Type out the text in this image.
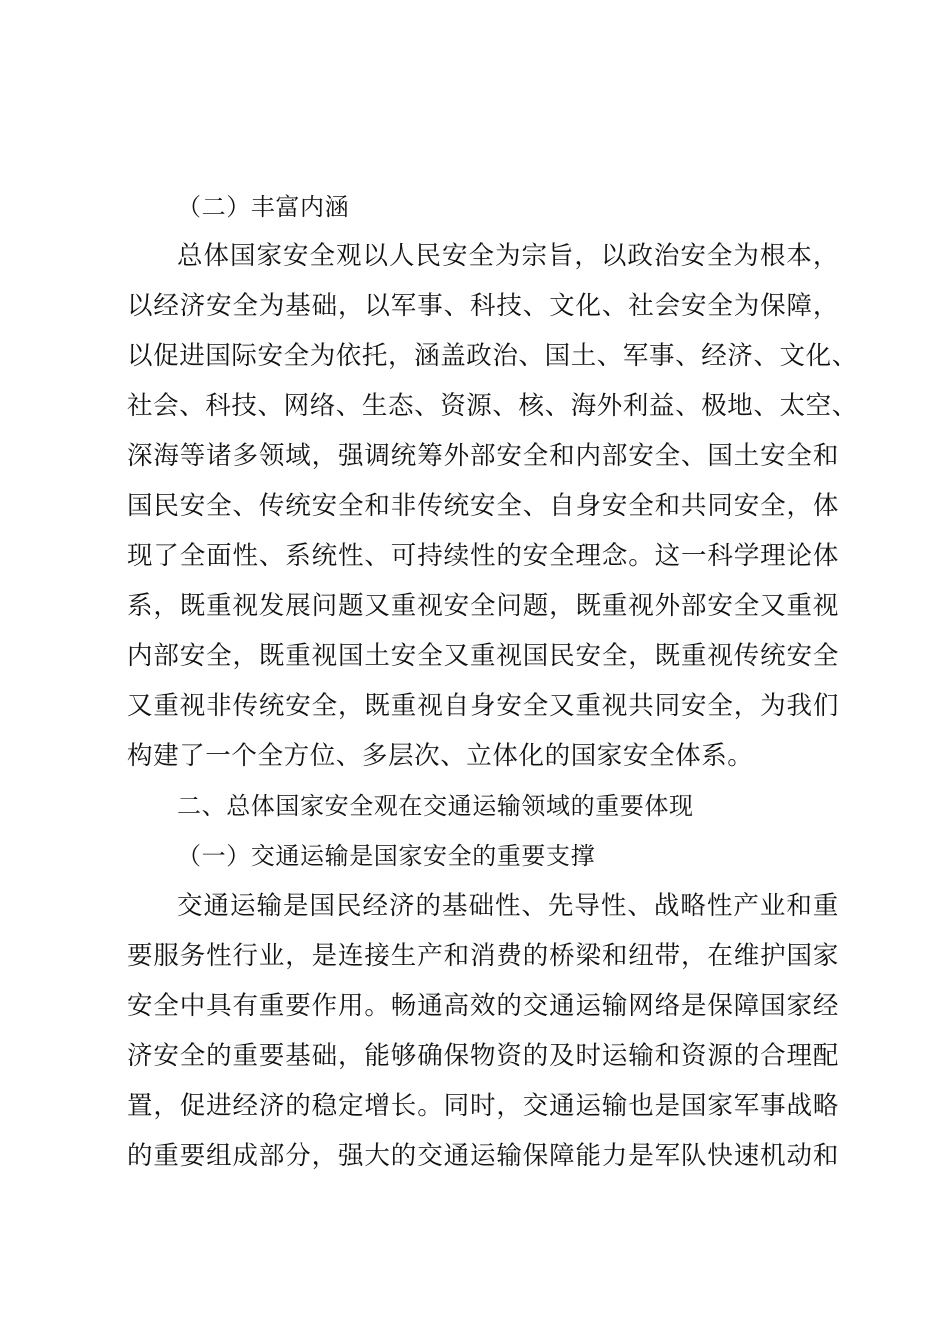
（二）丰富内涵
总体国家安全观以人民安全为宗旨，以政治安全为根本，
以经济安全为基础，以军事、科技、文化、社会安全为保障，
以促进国际安全为依托，涵盖政治、国土、军事、经济、文化、
社会、科技、网络、生态、资源、核、海外利益、极地、太空、
深海等诸多领域，强调统筹外部安全和内部安全、国土安全和
国民安全、传统安全和非传统安全、自身安全和共同安全，体
现了全面性、系统性、可持续性的安全理念。这一科学理论体
系，既重视发展问题又重视安全问题，既重视外部安全又重视
内部安全，既重视国土安全又重视国民安全，既重视传统安全
又重视非传统安全，既重视自身安全又重视共同安全，为我们
构建了一个全方位、多层次、立体化的国家安全体系。
二、总体国家安全观在交通运输领域的重要体现
（一）交通运输是国家安全的重要支撑
交通运输是国民经济的基础性、先导性、战略性产业和重
要服务性行业，是连接生产和消费的桥梁和纽带，在维护国家
安全中具有重要作用。畅通高效的交通运输网络是保障国家经
济安全的重要基础，能够确保物资的及时运输和资源的合理配
置，促进经济的稳定增长。同时，交通运输也是国家军事战略
的重要组成部分，强大的交通运输保障能力是军队快速机动和
